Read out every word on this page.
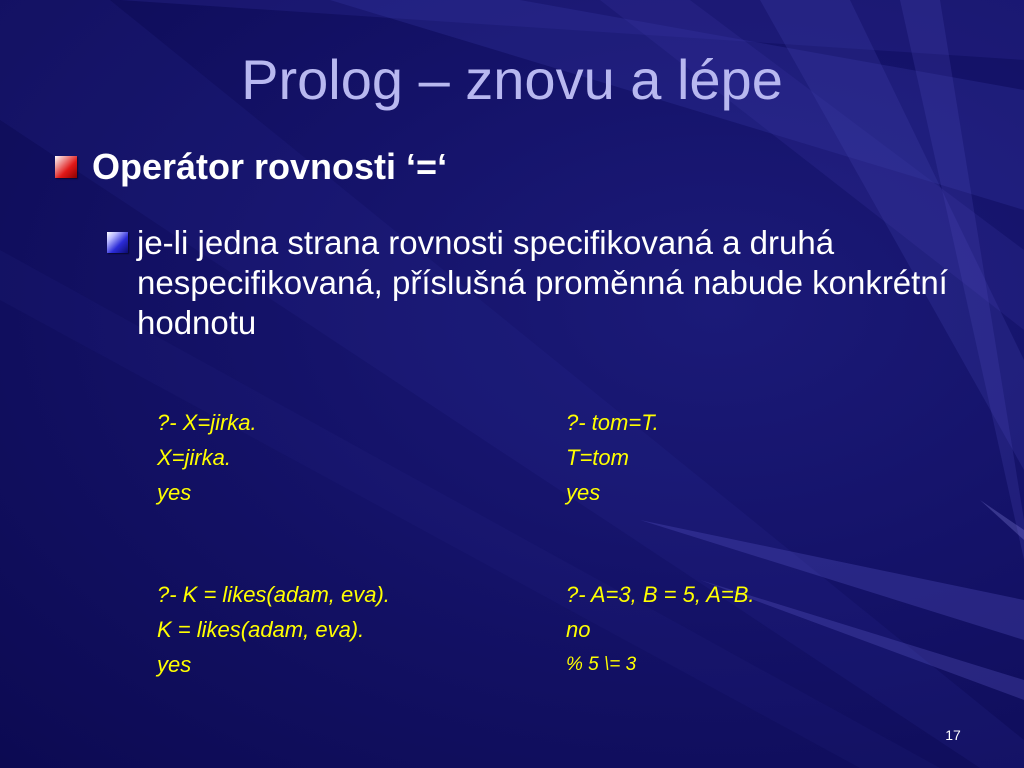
Prolog – znovu a lépe
Operátor rovnosti ‘=‘
je-li jedna strana rovnosti specifikovaná a druhá nespecifikovaná, příslušná proměnná nabude konkrétní hodnotu
?- X=jirka.
X=jirka.
yes
?- tom=T.
T=tom
yes
?- K = likes(adam, eva).
K = likes(adam, eva).
yes
?- A=3, B = 5, A=B.
no
% 5 \= 3
17
